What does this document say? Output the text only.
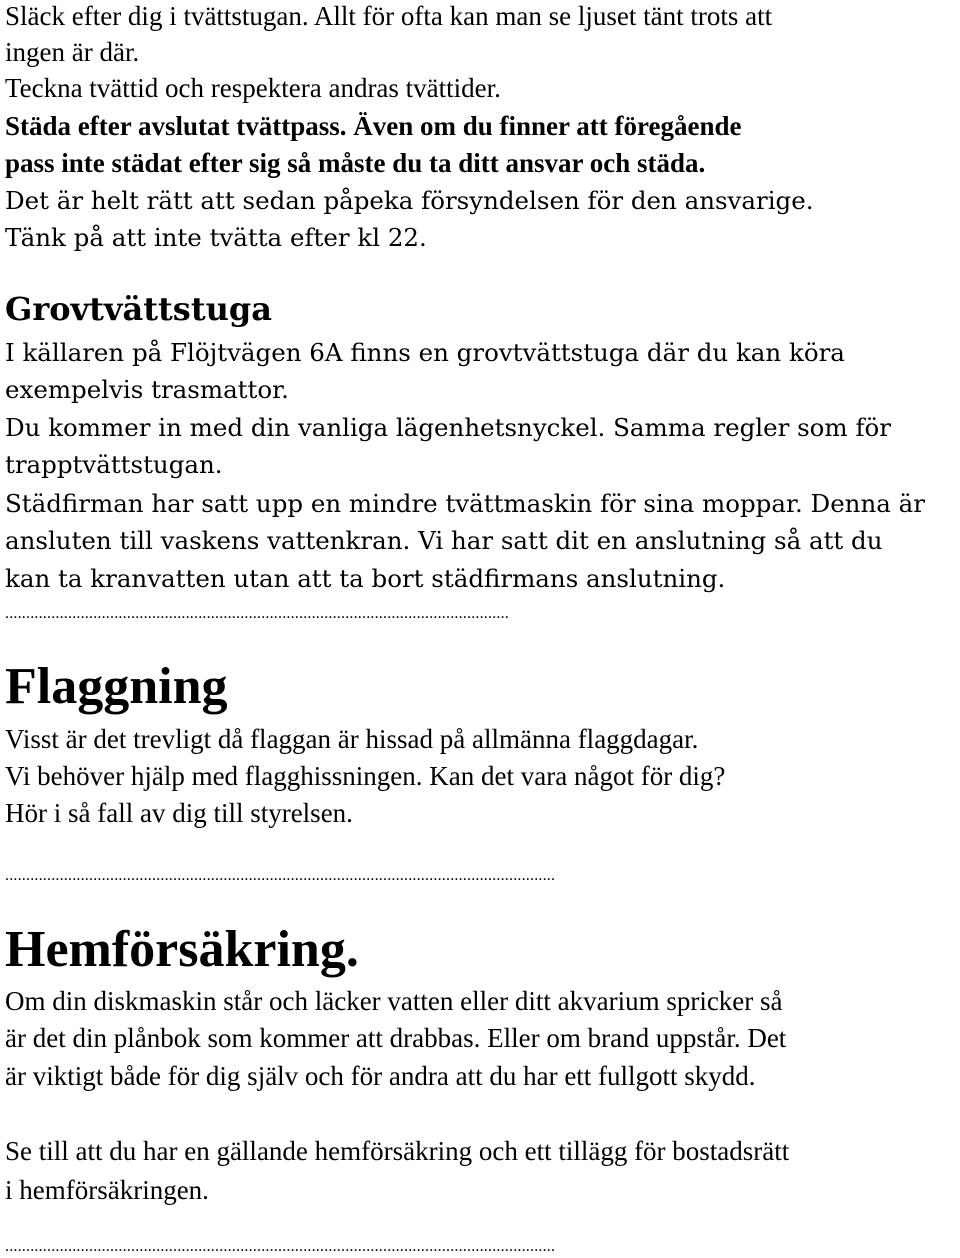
Släck efter dig i tvättstugan. Allt för ofta kan man se ljuset tänt trots att
ingen är där.
Teckna tvättid och respektera andras tvättider.
Städa efter avslutat tvättpass. Även om du finner att föregående
pass inte städat efter sig så måste du ta ditt ansvar och städa.
Det är helt rätt att sedan påpeka försyndelsen för den ansvarige.
Tänk på att inte tvätta efter kl 22.
Grovtvättstuga
I källaren på Flöjtvägen 6A finns en grovtvättstuga där du kan köra
exempelvis trasmattor.
Du kommer in med din vanliga lägenhetsnyckel. Samma regler som för
trapptvättstugan.
Städfirman har satt upp en mindre tvättmaskin för sina moppar. Denna är
ansluten till vaskens vattenkran. Vi har satt dit en anslutning så att du
kan ta kranvatten utan att ta bort städfirmans anslutning.
........................................................................................................................
Flaggning
Visst är det trevligt då flaggan är hissad på allmänna flaggdagar.
Vi behöver hjälp med flagghissningen. Kan det vara något för dig?
Hör i så fall av dig till styrelsen.
...................................................................................................................................
Hemförsäkring.
Om din diskmaskin står och läcker vatten eller ditt akvarium spricker så
är det din plånbok som kommer att drabbas. Eller om brand uppstår. Det
är viktigt både för dig själv och för andra att du har ett fullgott skydd.
Se till att du har en gällande hemförsäkring och ett tillägg för bostadsrätt
i hemförsäkringen.
...................................................................................................................................
